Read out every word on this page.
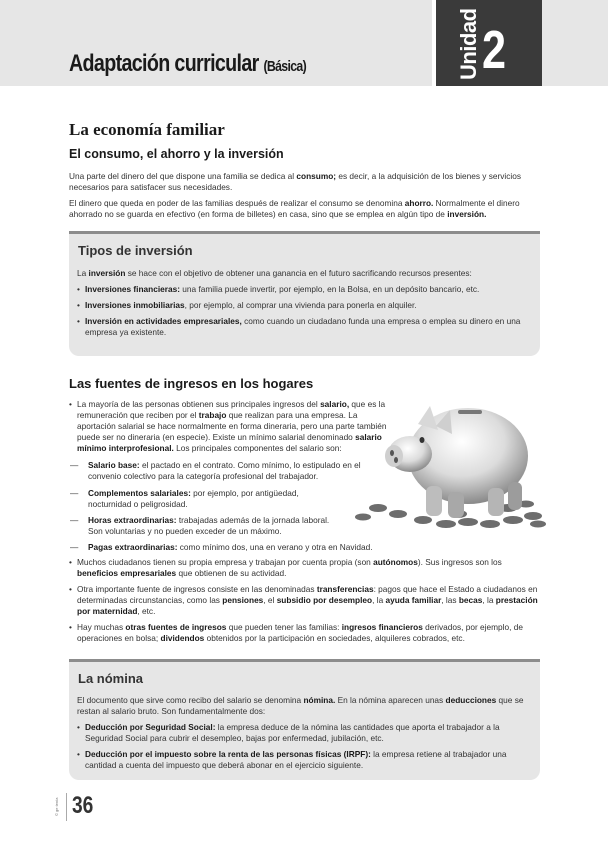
Adaptación curricular (Básica)	Unidad 2
La economía familiar
El consumo, el ahorro y la inversión
Una parte del dinero del que dispone una familia se dedica al consumo; es decir, a la adquisición de los bienes y servicios necesarios para satisfacer sus necesidades.
El dinero que queda en poder de las familias después de realizar el consumo se denomina ahorro. Normalmente el dinero ahorrado no se guarda en efectivo (en forma de billetes) en casa, sino que se emplea en algún tipo de inversión.
Tipos de inversión
La inversión se hace con el objetivo de obtener una ganancia en el futuro sacrificando recursos presentes:
• Inversiones financieras: una familia puede invertir, por ejemplo, en la Bolsa, en un depósito bancario, etc.
• Inversiones inmobiliarias, por ejemplo, al comprar una vivienda para ponerla en alquiler.
• Inversión en actividades empresariales, como cuando un ciudadano funda una empresa o emplea su dinero en una empresa ya existente.
Las fuentes de ingresos en los hogares
• La mayoría de las personas obtienen sus principales ingresos del salario, que es la remuneración que reciben por el trabajo que realizan para una empresa. La aportación salarial se hace normalmente en forma dineraria, pero una parte también puede ser no dineraria (en especie). Existe un mínimo salarial denominado salario mínimo interprofesional. Los principales componentes del salario son:
— Salario base: el pactado en el contrato. Como mínimo, lo estipulado en el convenio colectivo para la categoría profesional del trabajador.
— Complementos salariales: por ejemplo, por antigüedad, nocturnidad o peligrosidad.
— Horas extraordinarias: trabajadas además de la jornada laboral. Son voluntarias y no pueden exceder de un máximo.
— Pagas extraordinarias: como mínimo dos, una en verano y otra en Navidad.
• Muchos ciudadanos tienen su propia empresa y trabajan por cuenta propia (son autónomos). Sus ingresos son los beneficios empresariales que obtienen de su actividad.
• Otra importante fuente de ingresos consiste en las denominadas transferencias: pagos que hace el Estado a ciudadanos en determinadas circunstancias, como las pensiones, el subsidio por desempleo, la ayuda familiar, las becas, la prestación por maternidad, etc.
• Hay muchas otras fuentes de ingresos que pueden tener las familias: ingresos financieros derivados, por ejemplo, de operaciones en bolsa; dividendos obtenidos por la participación en sociedades, alquileres cobrados, etc.
La nómina
El documento que sirve como recibo del salario se denomina nómina. En la nómina aparecen unas deducciones que se restan al salario bruto. Son fundamentalmente dos:
• Deducción por Seguridad Social: la empresa deduce de la nómina las cantidades que aporta el trabajador a la Seguridad Social para cubrir el desempleo, bajas por enfermedad, jubilación, etc.
• Deducción por el impuesto sobre la renta de las personas físicas (IRPF): la empresa retiene al trabajador una cantidad a cuenta del impuesto que deberá abonar en el ejercicio siguiente.
© ge tenía 36
